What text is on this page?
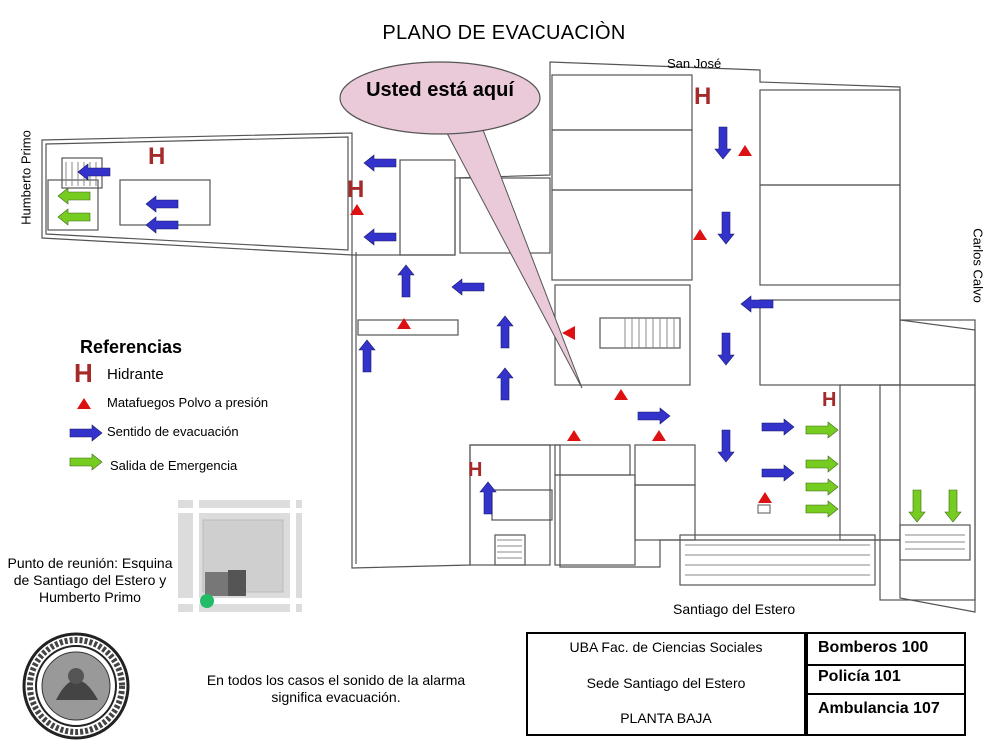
PLANO DE EVACUACIÒN
H
H
H
H
H
San José
Humberto Primo
Carlos Calvo
Santiago del Estero
Usted está aquí
Referencias
H Hidrante
Matafuegos Polvo a presión
Sentido de evacuación
Salida de Emergencia
Punto de reunión: Esquina de Santiago del Estero y Humberto Primo
En todos los casos el sonido de la alarma significa evacuación.
UBA Fac. de Ciencias Sociales
Sede Santiago del Estero
PLANTA BAJA
Bomberos 100
Policía 101
Ambulancia 107
